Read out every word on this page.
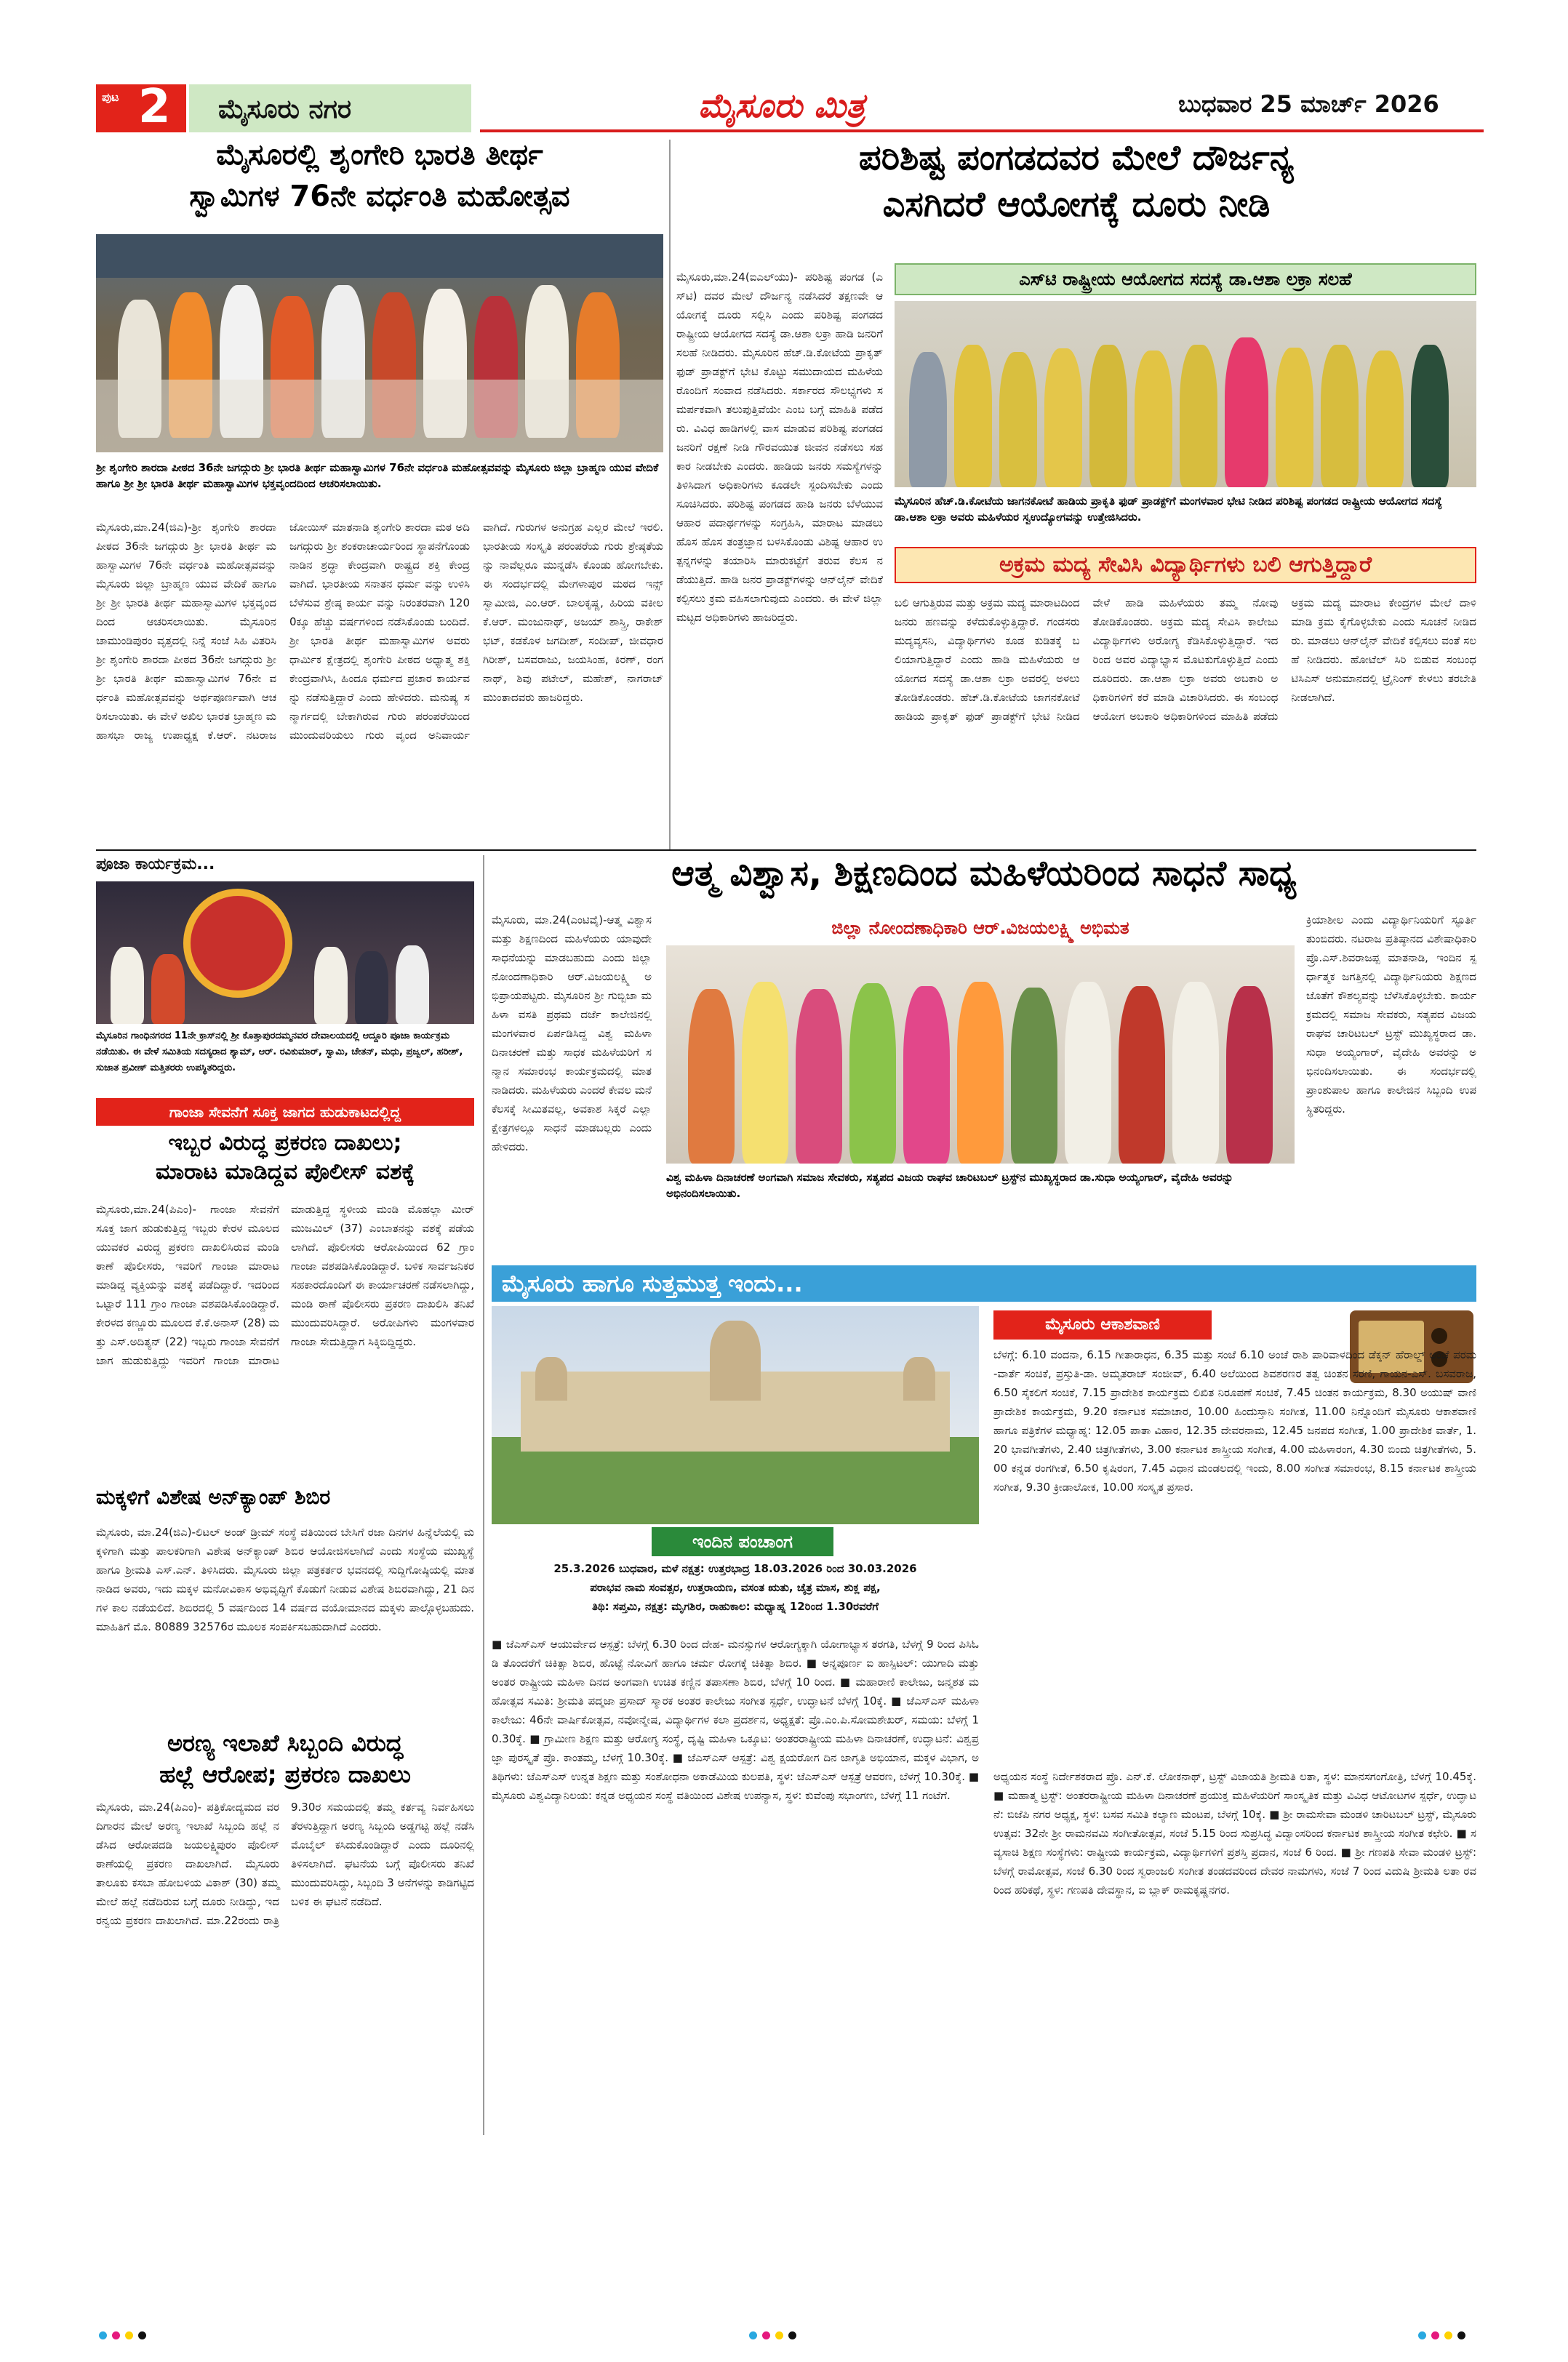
ಪುಟ 2 ಮೈಸೂರು ನಗರ	ಮೈಸೂರು ಮಿತ್ರ	ಬುಧವಾರ 25 ಮಾರ್ಚ್ 2026
ಮೈಸೂರಲ್ಲಿ ಶೃಂಗೇರಿ ಭಾರತಿ ತೀರ್ಥ
ಸ್ವಾಮಿಗಳ 76ನೇ ವರ್ಧಂತಿ ಮಹೋತ್ಸವ
ಶ್ರೀ ಶೃಂಗೇರಿ ಶಾರದಾ ಪೀಠದ 36ನೇ ಜಗದ್ಗುರು ಶ್ರೀ ಭಾರತಿ ತೀರ್ಥ ಮಹಾಸ್ವಾಮಿಗಳ 76ನೇ ವರ್ಧಂತಿ ಮಹೋತ್ಸವವನ್ನು ಮೈಸೂರು ಜಿಲ್ಲಾ ಬ್ರಾಹ್ಮಣ ಯುವ ವೇದಿಕೆ ಹಾಗೂ ಶ್ರೀ ಶ್ರೀ ಭಾರತಿ ತೀರ್ಥ ಮಹಾಸ್ವಾಮಿಗಳ ಭಕ್ತವೃಂದದಿಂದ ಆಚರಿಸಲಾಯಿತು.
ಮೈಸೂರು,ಮಾ.24(ಜಿಎ)-ಶ್ರೀ ಶೃಂಗೇರಿ ಶಾರದಾ ಪೀಠದ 36ನೇ ಜಗದ್ಗುರು ಶ್ರೀ ಭಾರತಿ ತೀರ್ಥ ಮಹಾಸ್ವಾಮಿಗಳ 76ನೇ ವರ್ಧಂತಿ ಮಹೋತ್ಸವವನ್ನು ಮೈಸೂರು ಜಿಲ್ಲಾ ಬ್ರಾಹ್ಮಣ ಯುವ ವೇದಿಕೆ ಹಾಗೂ ಶ್ರೀ ಶ್ರೀ ಭಾರತಿ ತೀರ್ಥ ಮಹಾಸ್ವಾಮಿಗಳ ಭಕ್ತವೃಂದದಿಂದ ಆಚರಿಸಲಾಯಿತು. ಮೈಸೂರಿನ ಚಾಮುಂಡಿಪುರಂ ವೃತ್ತದಲ್ಲಿ ನಿನ್ನೆ ಸಂಜೆ ಸಿಹಿ ವಿತರಿಸಿ ಶ್ರೀ ಶೃಂಗೇರಿ ಶಾರದಾ ಪೀಠದ 36ನೇ ಜಗದ್ಗುರು ಶ್ರೀ ಶ್ರೀ ಭಾರತಿ ತೀರ್ಥ ಮಹಾಸ್ವಾಮಿಗಳ 76ನೇ ವರ್ಧಂತಿ ಮಹೋತ್ಸವವನ್ನು ಅರ್ಥಪೂರ್ಣವಾಗಿ ಆಚರಿಸಲಾಯಿತು. ಈ ವೇಳೆ ಅಖಿಲ ಭಾರತ ಬ್ರಾಹ್ಮಣ ಮಹಾಸಭಾ ರಾಜ್ಯ ಉಪಾಧ್ಯಕ್ಷ ಕೆ.ಆರ್. ನಟರಾಜ ಜೋಯಿಸ್ ಮಾತನಾಡಿ ಶೃಂಗೇರಿ ಶಾರದಾ ಮಠ ಅದಿ ಜಗದ್ಗುರು ಶ್ರೀ ಶಂಕರಾಚಾರ್ಯರಿಂದ ಸ್ಥಾಪನೆಗೊಂಡು ನಾಡಿನ ಶ್ರದ್ಧಾ ಕೇಂದ್ರವಾಗಿ ರಾಷ್ಟ್ರದ ಶಕ್ತಿ ಕೇಂದ್ರವಾಗಿದೆ. ಭಾರತೀಯ ಸನಾತನ ಧರ್ಮ ವನ್ನು ಉಳಿಸಿ ಬೆಳೆಸುವ ಶ್ರೇಷ್ಠ ಕಾರ್ಯ ವನ್ನು ನಿರಂತರವಾಗಿ 1200ಕ್ಕೂ ಹೆಚ್ಚು ವರ್ಷಗಳಿಂದ ನಡೆಸಿಕೊಂಡು ಬಂದಿದೆ. ಶ್ರೀ ಭಾರತಿ ತೀರ್ಥ ಮಹಾಸ್ವಾಮಿಗಳ ಅವರು ಧಾರ್ಮಿಕ ಕ್ಷೇತ್ರದಲ್ಲಿ ಶೃಂಗೇರಿ ಪೀಠದ ಅಧ್ಯಾತ್ಮ ಶಕ್ತಿ ಕೇಂದ್ರವಾಗಿಸಿ, ಹಿಂದೂ ಧರ್ಮದ ಪ್ರಚಾರ ಕಾರ್ಯವನ್ನು ನಡೆಸುತ್ತಿದ್ದಾರೆ ಎಂದು ಹೇಳಿದರು. ಮನುಷ್ಯ ಸನ್ಮಾರ್ಗದಲ್ಲಿ ಬೇಕಾಗಿರುವ ಗುರು ಪರಂಪರೆಯಿಂದ ಮುಂದುವರಿಯಲು ಗುರು ವೃಂದ ಅನಿವಾರ್ಯವಾಗಿದೆ. ಗುರುಗಳ ಅನುಗ್ರಹ ಎಲ್ಲರ ಮೇಲೆ ಇರಲಿ. ಭಾರತೀಯ ಸಂಸ್ಕೃತಿ ಪರಂಪರೆಯ ಗುರು ಶ್ರೇಷ್ಠತೆಯನ್ನು ನಾವೆಲ್ಲರೂ ಮುನ್ನಡೆಸಿ ಕೊಂಡು ಹೋಗಬೇಕು. ಈ ಸಂದರ್ಭದಲ್ಲಿ ಮೇಗಳಾಪುರ ಮಠದ ಇನ್ಸ್ ಸ್ವಾಮೀಜಿ, ಎಂ.ಆರ್. ಬಾಲಕೃಷ್ಣ, ಹಿರಿಯ ವಕೀಲ ಕೆ.ಆರ್. ಮಂಜುನಾಥ್, ಅಜಯ್ ಶಾಸ್ತ್ರಿ, ರಾಕೇಶ್ ಭಟ್, ಕಡಕೊಳ ಜಗದೀಶ್, ಸಂದೀಪ್, ಜೀವಧಾರ ಗಿರೀಶ್, ಬಸವರಾಜು, ಜಯಸಿಂಹ, ಕಿರಣ್, ರಂಗನಾಥ್, ಶಿವು ಪಟೇಲ್, ಮಹೇಶ್, ನಾಗರಾಜ್ ಮುಂತಾದವರು ಹಾಜರಿದ್ದರು.
ಪರಿಶಿಷ್ಟ ಪಂಗಡದವರ ಮೇಲೆ ದೌರ್ಜನ್ಯ
ಎಸಗಿದರೆ ಆಯೋಗಕ್ಕೆ ದೂರು ನೀಡಿ
ಮೈಸೂರು,ಮಾ.24(ಐಎಲ್‌ಯು)- ಪರಿಶಿಷ್ಟ ಪಂಗಡ (ಎಸ್‌ಟಿ) ದವರ ಮೇಲೆ ದೌರ್ಜನ್ಯ ನಡೆಸಿದರೆ ತಕ್ಷಣವೇ ಆಯೋಗಕ್ಕೆ ದೂರು ಸಲ್ಲಿಸಿ ಎಂದು ಪರಿಶಿಷ್ಟ ಪಂಗಡದ ರಾಷ್ಟ್ರೀಯ ಆಯೋಗದ ಸದಸ್ಯೆ ಡಾ.ಆಶಾ ಲಕ್ರಾ ಹಾಡಿ ಜನರಿಗೆ ಸಲಹೆ ನೀಡಿದರು. ಮೈಸೂರಿನ ಹೆಚ್.ಡಿ.ಕೋಟೆಯ ಪ್ರಾಕೃತ್ ಫುಡ್ ಪ್ರಾಡಕ್ಟ್‌ಗೆ ಭೇಟಿ ಕೊಟ್ಟು ಸಮುದಾಯದ ಮಹಿಳೆಯರೊಂದಿಗೆ ಸಂವಾದ ನಡೆಸಿದರು. ಸರ್ಕಾರದ ಸೌಲಭ್ಯಗಳು ಸಮರ್ಪಕವಾಗಿ ತಲುಪುತ್ತಿವೆಯೇ ಎಂಬ ಬಗ್ಗೆ ಮಾಹಿತಿ ಪಡೆದರು. ವಿವಿಧ ಹಾಡಿಗಳಲ್ಲಿ ವಾಸ ಮಾಡುವ ಪರಿಶಿಷ್ಟ ಪಂಗಡದ ಜನರಿಗೆ ರಕ್ಷಣೆ ನೀಡಿ ಗೌರವಯುತ ಜೀವನ ನಡೆಸಲು ಸಹಕಾರ ನೀಡಬೇಕು ಎಂದರು. ಹಾಡಿಯ ಜನರು ಸಮಸ್ಯೆಗಳನ್ನು ತಿಳಿಸಿದಾಗ ಅಧಿಕಾರಿಗಳು ಕೂಡಲೇ ಸ್ಪಂದಿಸಬೇಕು ಎಂದು ಸೂಚಿಸಿದರು. ಪರಿಶಿಷ್ಟ ಪಂಗಡದ ಹಾಡಿ ಜನರು ಬೆಳೆಯುವ ಆಹಾರ ಪದಾರ್ಥಗಳನ್ನು ಸಂಗ್ರಹಿಸಿ, ಮಾರಾಟ ಮಾಡಲು ಹೊಸ ಹೊಸ ತಂತ್ರಜ್ಞಾನ ಬಳಸಿಕೊಂಡು ವಿಶಿಷ್ಟ ಆಹಾರ ಉತ್ಪನ್ನಗಳನ್ನು ತಯಾರಿಸಿ ಮಾರುಕಟ್ಟೆಗೆ ತರುವ ಕೆಲಸ ನಡೆಯುತ್ತಿದೆ. ಹಾಡಿ ಜನರ ಪ್ರಾಡಕ್ಟ್‌ಗಳನ್ನು ಆನ್‌ಲೈನ್ ವೇದಿಕೆ ಕಲ್ಪಿಸಲು ಕ್ರಮ ವಹಿಸಲಾಗುವುದು ಎಂದರು. ಈ ವೇಳೆ ಜಿಲ್ಲಾ ಮಟ್ಟದ ಅಧಿಕಾರಿಗಳು ಹಾಜರಿದ್ದರು.
ಎಸ್‌ಟಿ ರಾಷ್ಟ್ರೀಯ ಆಯೋಗದ ಸದಸ್ಯೆ ಡಾ.ಆಶಾ ಲಕ್ರಾ ಸಲಹೆ
ಮೈಸೂರಿನ ಹೆಚ್.ಡಿ.ಕೋಟೆಯ ಜಾಗನಕೋಟೆ ಹಾಡಿಯ ಪ್ರಾಕೃತಿ ಫುಡ್ ಪ್ರಾಡಕ್ಟ್‌ಗೆ ಮಂಗಳವಾರ ಭೇಟಿ ನೀಡಿದ ಪರಿಶಿಷ್ಟ ಪಂಗಡದ ರಾಷ್ಟ್ರೀಯ ಆಯೋಗದ ಸದಸ್ಯೆ ಡಾ.ಆಶಾ ಲಕ್ರಾ ಅವರು ಮಹಿಳೆಯರ ಸ್ವಉದ್ಯೋಗವನ್ನು ಉತ್ತೇಜಿಸಿದರು.
ಅಕ್ರಮ ಮದ್ಯ ಸೇವಿಸಿ ವಿದ್ಯಾರ್ಥಿಗಳು ಬಲಿ ಆಗುತ್ತಿದ್ದಾರೆ
ಬಲಿ ಆಗುತ್ತಿರುವ ಮತ್ತು ಅಕ್ರಮ ಮದ್ಯ ಮಾರಾಟದಿಂದ ಜನರು ಹಣವನ್ನು ಕಳೆದುಕೊಳ್ಳುತ್ತಿದ್ದಾರೆ. ಗಂಡಸರು ಮದ್ಯವ್ಯಸನಿ, ವಿದ್ಯಾರ್ಥಿಗಳು ಕೂಡ ಕುಡಿತಕ್ಕೆ ಬಲಿಯಾಗುತ್ತಿದ್ದಾರೆ ಎಂದು ಹಾಡಿ ಮಹಿಳೆಯರು ಆಯೋಗದ ಸದಸ್ಯೆ ಡಾ.ಆಶಾ ಲಕ್ರಾ ಅವರಲ್ಲಿ ಅಳಲು ತೋಡಿಕೊಂಡರು. ಹೆಚ್.ಡಿ.ಕೋಟೆಯ ಜಾಗನಕೋಟೆ ಹಾಡಿಯ ಪ್ರಾಕೃತ್ ಫುಡ್ ಪ್ರಾಡಕ್ಟ್‌ಗೆ ಭೇಟಿ ನೀಡಿದ ವೇಳೆ ಹಾಡಿ ಮಹಿಳೆಯರು ತಮ್ಮ ನೋವು ತೋಡಿಕೊಂಡರು. ಅಕ್ರಮ ಮದ್ಯ ಸೇವಿಸಿ ಕಾಲೇಜು ವಿದ್ಯಾರ್ಥಿಗಳು ಅರೋಗ್ಯ ಕೆಡಿಸಿಕೊಳ್ಳುತ್ತಿದ್ದಾರೆ. ಇದರಿಂದ ಅವರ ವಿದ್ಯಾಭ್ಯಾಸ ಮೊಟಕುಗೊಳ್ಳುತ್ತಿದೆ ಎಂದು ದೂರಿದರು. ಡಾ.ಆಶಾ ಲಕ್ರಾ ಅವರು ಅಬಕಾರಿ ಅಧಿಕಾರಿಗಳಿಗೆ ಕರೆ ಮಾಡಿ ವಿಚಾರಿಸಿದರು. ಈ ಸಂಬಂಧ ಆಯೋಗ ಅಬಕಾರಿ ಅಧಿಕಾರಿಗಳಿಂದ ಮಾಹಿತಿ ಪಡೆದು ಅಕ್ರಮ ಮದ್ಯ ಮಾರಾಟ ಕೇಂದ್ರಗಳ ಮೇಲೆ ದಾಳಿ ಮಾಡಿ ಕ್ರಮ ಕೈಗೊಳ್ಳಬೇಕು ಎಂದು ಸೂಚನೆ ನೀಡಿದರು. ಮಾಡಲು ಆನ್‌ಲೈನ್ ವೇದಿಕೆ ಕಲ್ಪಿಸಲು ವಂತೆ ಸಲಹೆ ನೀಡಿದರು. ಹೋಟೆಲ್ ಸಿರಿ ಬಿಡುವ ಸಂಬಂಧ ಟಿಸಿಎಸ್ ಅನುಮಾನದಲ್ಲಿ ಟ್ರೈನಿಂಗ್ ಕೇಳಲು ತರಬೇತಿ ನೀಡಲಾಗಿದೆ.
ಪೂಜಾ ಕಾರ್ಯಕ್ರಮ...
ಮೈಸೂರಿನ ಗಾಂಧಿನಗರದ 11ನೇ ಕ್ರಾಸ್‌ನಲ್ಲಿ ಶ್ರೀ ಕೊತ್ತಾಪುರದಮ್ಮನವರ ದೇವಾಲಯದಲ್ಲಿ ಆದ್ದೂರಿ ಪೂಜಾ ಕಾರ್ಯಕ್ರಮ ನಡೆಯಿತು. ಈ ವೇಳೆ ಸಮಿತಿಯ ಸದಸ್ಯರಾದ ಶ್ಯಾಮ್, ಆರ್. ರವಿಕುಮಾರ್, ಸ್ವಾಮಿ, ಚೇತನ್, ಮಧು, ಪ್ರಜ್ವಲ್, ಹರೀಶ್, ಸುಜಾತ ಪ್ರವೀಣ್ ಮತ್ತಿತರರು ಉಪಸ್ಥಿತರಿದ್ದರು.
ಗಾಂಜಾ ಸೇವನೆಗೆ ಸೂಕ್ತ ಜಾಗದ ಹುಡುಕಾಟದಲ್ಲಿದ್ದ
ಇಬ್ಬರ ವಿರುದ್ಧ ಪ್ರಕರಣ ದಾಖಲು;
ಮಾರಾಟ ಮಾಡಿದ್ದವ ಪೊಲೀಸ್ ವಶಕ್ಕೆ
ಮೈಸೂರು,ಮಾ.24(ಪಿಎಂ)- ಗಾಂಜಾ ಸೇವನೆಗೆ ಸೂಕ್ತ ಜಾಗ ಹುಡುಕುತ್ತಿದ್ದ ಇಬ್ಬರು ಕೇರಳ ಮೂಲದ ಯುವಕರ ವಿರುದ್ಧ ಪ್ರಕರಣ ದಾಖಲಿಸಿರುವ ಮಂಡಿ ಠಾಣೆ ಪೊಲೀಸರು, ಇವರಿಗೆ ಗಾಂಜಾ ಮಾರಾಟ ಮಾಡಿದ್ದ ವ್ಯಕ್ತಿಯನ್ನು ವಶಕ್ಕೆ ಪಡೆದಿದ್ದಾರೆ. ಇದರಿಂದ ಒಟ್ಟಾರೆ 111 ಗ್ರಾಂ ಗಾಂಜಾ ವಶಪಡಿಸಿಕೊಂಡಿದ್ದಾರೆ. ಕೇರಳದ ಕಣ್ಣೂರು ಮೂಲದ ಕೆ.ಕೆ.ಅನಾಸ್ (28) ಮತ್ತು ಎಸ್.ಅದಿತ್ಯನ್ (22) ಇಬ್ಬರು ಗಾಂಜಾ ಸೇವನೆಗೆ ಜಾಗ ಹುಡುಕುತ್ತಿದ್ದು ಇವರಿಗೆ ಗಾಂಜಾ ಮಾರಾಟ ಮಾಡುತ್ತಿದ್ದ ಸ್ಥಳೀಯ ಮಂಡಿ ಮೊಹಲ್ಲಾ ಮೀರ್ ಮುಜಮಿಲ್ (37) ಎಂಬಾತನನ್ನು ವಶಕ್ಕೆ ಪಡೆಯಲಾಗಿದೆ. ಪೊಲೀಸರು ಆರೋಪಿಯಿಂದ 62 ಗ್ರಾಂ ಗಾಂಜಾ ವಶಪಡಿಸಿಕೊಂಡಿದ್ದಾರೆ. ಬಳಿಕ ಸಾರ್ವಜನಿಕರ ಸಹಕಾರದೊಂದಿಗೆ ಈ ಕಾರ್ಯಾಚರಣೆ ನಡೆಸಲಾಗಿದ್ದು, ಮಂಡಿ ಠಾಣೆ ಪೊಲೀಸರು ಪ್ರಕರಣ ದಾಖಲಿಸಿ ತನಿಖೆ ಮುಂದುವರಿಸಿದ್ದಾರೆ. ಅರೋಪಿಗಳು ಮಂಗಳವಾರ ಗಾಂಜಾ ಸೇದುತ್ತಿದ್ದಾಗ ಸಿಕ್ಕಿಬಿದ್ದಿದ್ದರು.
ಮಕ್ಕಳಿಗೆ ವಿಶೇಷ ಅನ್‌ಕ್ಯಾಂಪ್ ಶಿಬಿರ
ಮೈಸೂರು, ಮಾ.24(ಜಿಎ)-ಲಿಟಲ್ ಅಂಡ್ ಡ್ರೀಮ್ ಸಂಸ್ಥೆ ವತಿಯಿಂದ ಬೇಸಿಗೆ ರಜಾ ದಿನಗಳ ಹಿನ್ನೆಲೆಯಲ್ಲಿ ಮಕ್ಕಳಿಗಾಗಿ ಮತ್ತು ಪಾಲಕರಿಗಾಗಿ ವಿಶೇಷ ಅನ್‌ಕ್ಯಾಂಪ್ ಶಿಬಿರ ಆಯೋಜಿಸಲಾಗಿದೆ ಎಂದು ಸಂಸ್ಥೆಯ ಮುಖ್ಯಸ್ಥೆ ಹಾಗೂ ಶ್ರೀಮತಿ ಎಸ್.ಎನ್. ತಿಳಿಸಿದರು. ಮೈಸೂರು ಜಿಲ್ಲಾ ಪತ್ರಕರ್ತರ ಭವನದಲ್ಲಿ ಸುದ್ದಿಗೋಷ್ಠಿಯಲ್ಲಿ ಮಾತನಾಡಿದ ಅವರು, ಇದು ಮಕ್ಕಳ ಮನೋವಿಕಾಸ ಅಭಿವೃದ್ಧಿಗೆ ಕೊಡುಗೆ ನೀಡುವ ವಿಶೇಷ ಶಿಬಿರವಾಗಿದ್ದು, 21 ದಿನಗಳ ಕಾಲ ನಡೆಯಲಿದೆ. ಶಿಬಿರದಲ್ಲಿ 5 ವರ್ಷದಿಂದ 14 ವರ್ಷದ ವಯೋಮಾನದ ಮಕ್ಕಳು ಪಾಲ್ಗೊಳ್ಳಬಹುದು. ಮಾಹಿತಿಗೆ ಮೊ. 80889 32576ರ ಮೂಲಕ ಸಂಪರ್ಕಿಸಬಹುದಾಗಿದೆ ಎಂದರು.
ಅರಣ್ಯ ಇಲಾಖೆ ಸಿಬ್ಬಂದಿ ವಿರುದ್ಧ
ಹಲ್ಲೆ ಆರೋಪ; ಪ್ರಕರಣ ದಾಖಲು
ಮೈಸೂರು, ಮಾ.24(ಪಿಎಂ)- ಪತ್ರಿಕೋದ್ಯಮದ ವರದಿಗಾರನ ಮೇಲೆ ಅರಣ್ಯ ಇಲಾಖೆ ಸಿಬ್ಬಂದಿ ಹಲ್ಲೆ ನಡೆಸಿದ ಆರೋಪದಡಿ ಜಯಲಕ್ಷ್ಮಿಪುರಂ ಪೊಲೀಸ್ ಠಾಣೆಯಲ್ಲಿ ಪ್ರಕರಣ ದಾಖಲಾಗಿದೆ. ಮೈಸೂರು ತಾಲೂಕು ಕಸಬಾ ಹೋಬಳಿಯ ವಿಕಾಶ್ (30) ತಮ್ಮ ಮೇಲೆ ಹಲ್ಲೆ ನಡೆದಿರುವ ಬಗ್ಗೆ ದೂರು ನೀಡಿದ್ದು, ಇದರನ್ವಯ ಪ್ರಕರಣ ದಾಖಲಾಗಿದೆ. ಮಾ.22ರಂದು ರಾತ್ರಿ 9.30ರ ಸಮಯದಲ್ಲಿ ತಮ್ಮ ಕರ್ತವ್ಯ ನಿರ್ವಹಿಸಲು ತೆರಳುತ್ತಿದ್ದಾಗ ಅರಣ್ಯ ಸಿಬ್ಬಂದಿ ಅಡ್ಡಗಟ್ಟಿ ಹಲ್ಲೆ ನಡೆಸಿ ಮೊಬೈಲ್ ಕಸಿದುಕೊಂಡಿದ್ದಾರೆ ಎಂದು ದೂರಿನಲ್ಲಿ ತಿಳಿಸಲಾಗಿದೆ. ಘಟನೆಯ ಬಗ್ಗೆ ಪೊಲೀಸರು ತನಿಖೆ ಮುಂದುವರಿಸಿದ್ದು, ಸಿಬ್ಬಂದಿ 3 ಆನೆಗಳನ್ನು ಕಾಡಿಗಟ್ಟಿದ ಬಳಿಕ ಈ ಘಟನೆ ನಡೆದಿದೆ.
ಆತ್ಮ ವಿಶ್ವಾಸ, ಶಿಕ್ಷಣದಿಂದ ಮಹಿಳೆಯರಿಂದ ಸಾಧನೆ ಸಾಧ್ಯ
ಮೈಸೂರು, ಮಾ.24(ಎಂಟಿವೈ)-ಆತ್ಮ ವಿಶ್ವಾಸ ಮತ್ತು ಶಿಕ್ಷಣದಿಂದ ಮಹಿಳೆಯರು ಯಾವುದೇ ಸಾಧನೆಯನ್ನು ಮಾಡಬಹುದು ಎಂದು ಜಿಲ್ಲಾ ನೋಂದಣಾಧಿಕಾರಿ ಆರ್.ವಿಜಯಲಕ್ಷ್ಮಿ ಅಭಿಪ್ರಾಯಪಟ್ಟರು. ಮೈಸೂರಿನ ಶ್ರೀ ಗುಬ್ಬಿಜಾ ಮಹಿಳಾ ವಸತಿ ಪ್ರಥಮ ದರ್ಜೆ ಕಾಲೇಜಿನಲ್ಲಿ ಮಂಗಳವಾರ ಏರ್ಪಡಿಸಿದ್ದ ವಿಶ್ವ ಮಹಿಳಾ ದಿನಾಚರಣೆ ಮತ್ತು ಸಾಧಕ ಮಹಿಳೆಯರಿಗೆ ಸನ್ಮಾನ ಸಮಾರಂಭ ಕಾರ್ಯಕ್ರಮದಲ್ಲಿ ಮಾತನಾಡಿದರು. ಮಹಿಳೆಯರು ಎಂದರೆ ಕೇವಲ ಮನೆ ಕೆಲಸಕ್ಕೆ ಸೀಮಿತವಲ್ಲ, ಅವಕಾಶ ಸಿಕ್ಕರೆ ಎಲ್ಲಾ ಕ್ಷೇತ್ರಗಳಲ್ಲೂ ಸಾಧನೆ ಮಾಡಬಲ್ಲರು ಎಂದು ಹೇಳಿದರು.
ಜಿಲ್ಲಾ ನೋಂದಣಾಧಿಕಾರಿ ಆರ್.ವಿಜಯಲಕ್ಷ್ಮಿ ಅಭಿಮತ
ವಿಶ್ವ ಮಹಿಳಾ ದಿನಾಚರಣೆ ಅಂಗವಾಗಿ ಸಮಾಜ ಸೇವಕರು, ಸತ್ಯಪದ ವಿಜಯ ರಾಘವ ಚಾರಿಟಬಲ್ ಟ್ರಸ್ಟ್‌ನ ಮುಖ್ಯಸ್ಥರಾದ ಡಾ.ಸುಧಾ ಅಯ್ಯಂಗಾರ್, ವೈದೇಹಿ ಅವರನ್ನು ಅಭಿನಂದಿಸಲಾಯಿತು.
ಕ್ರಿಯಾಶೀಲ ಎಂದು ವಿದ್ಯಾರ್ಥಿನಿಯರಿಗೆ ಸ್ಫೂರ್ತಿ ತುಂಬಿದರು. ನಟರಾಜ ಪ್ರತಿಷ್ಠಾನದ ವಿಶೇಷಾಧಿಕಾರಿ ಪ್ರೊ.ಎಸ್.ಶಿವರಾಜಪ್ಪ ಮಾತನಾಡಿ, ಇಂದಿನ ಸ್ಪರ್ಧಾತ್ಮಕ ಜಗತ್ತಿನಲ್ಲಿ ವಿದ್ಯಾರ್ಥಿನಿಯರು ಶಿಕ್ಷಣದ ಜೊತೆಗೆ ಕೌಶಲ್ಯವನ್ನು ಬೆಳೆಸಿಕೊಳ್ಳಬೇಕು. ಕಾರ್ಯಕ್ರಮದಲ್ಲಿ ಸಮಾಜ ಸೇವಕರು, ಸತ್ಯಪದ ವಿಜಯ ರಾಘವ ಚಾರಿಟಬಲ್ ಟ್ರಸ್ಟ್ ಮುಖ್ಯಸ್ಥರಾದ ಡಾ.ಸುಧಾ ಅಯ್ಯಂಗಾರ್, ವೈದೇಹಿ ಅವರನ್ನು ಅಭಿನಂದಿಸಲಾಯಿತು. ಈ ಸಂದರ್ಭದಲ್ಲಿ ಪ್ರಾಂಶುಪಾಲ ಹಾಗೂ ಕಾಲೇಜಿನ ಸಿಬ್ಬಂದಿ ಉಪಸ್ಥಿತರಿದ್ದರು.
ಮೈಸೂರು ಹಾಗೂ ಸುತ್ತಮುತ್ತ ಇಂದು...
ಇಂದಿನ ಪಂಚಾಂಗ
25.3.2026 ಬುಧವಾರ, ಮಳೆ ನಕ್ಷತ್ರ: ಉತ್ತರಭಾದ್ರ 18.03.2026 ರಿಂದ 30.03.2026
ಪರಾಭವ ನಾಮ ಸಂವತ್ಸರ, ಉತ್ತರಾಯಣ, ವಸಂತ ಋತು, ಚೈತ್ರ ಮಾಸ, ಶುಕ್ಲ ಪಕ್ಷ,
ತಿಥಿ: ಸಪ್ತಮಿ, ನಕ್ಷತ್ರ: ಮೃಗಶಿರ, ರಾಹುಕಾಲ: ಮಧ್ಯಾಹ್ನ 12ರಿಂದ 1.30ರವರೆಗೆ
■ ಜೆಎಸ್‌ಎಸ್ ಆಯುರ್ವೇದ ಆಸ್ಪತ್ರೆ: ಬೆಳಗ್ಗೆ 6.30 ರಿಂದ ದೇಹ- ಮನಸ್ಸುಗಳ ಆರೋಗ್ಯಕ್ಕಾಗಿ ಯೋಗಾಭ್ಯಾಸ ತರಗತಿ, ಬೆಳಗ್ಗೆ 9 ರಿಂದ ಪಿಸಿಓಡಿ ತೊಂದರೆಗೆ ಚಿಕಿತ್ಸಾ ಶಿಬಿರ, ಹೊಟ್ಟೆ ನೋವಿಗೆ ಹಾಗೂ ಚರ್ಮ ರೋಗಕ್ಕೆ ಚಿಕಿತ್ಸಾ ಶಿಬಿರ. ■ ಅನ್ನಪೂರ್ಣ ಐ ಹಾಸ್ಪಿಟಲ್: ಯುಗಾದಿ ಮತ್ತು ಅಂತರ ರಾಷ್ಟ್ರೀಯ ಮಹಿಳಾ ದಿನದ ಅಂಗವಾಗಿ ಉಚಿತ ಕಣ್ಣಿನ ತಪಾಸಣಾ ಶಿಬಿರ, ಬೆಳಗ್ಗೆ 10 ರಿಂದ. ■ ಮಹಾರಾಣಿ ಕಾಲೇಜು, ಜನ್ಮಶತ ಮಹೋತ್ಸವ ಸಮಿತಿ: ಶ್ರೀಮತಿ ಪದ್ಮಜಾ ಪ್ರಸಾದ್ ಸ್ಮಾರಕ ಅಂತರ ಕಾಲೇಜು ಸಂಗೀತ ಸ್ಪರ್ಧೆ, ಉದ್ಘಾಟನೆ ಬೆಳಗ್ಗೆ 10ಕ್ಕೆ. ■ ಜೆಎಸ್‌ಎಸ್ ಮಹಿಳಾ ಕಾಲೇಜು: 46ನೇ ವಾರ್ಷಿಕೋತ್ಸವ, ನವೋನ್ಮೇಷ, ವಿದ್ಯಾರ್ಥಿಗಳ ಕಲಾ ಪ್ರದರ್ಶನ, ಅಧ್ಯಕ್ಷತೆ: ಪ್ರೊ.ಎಂ.ಪಿ.ಸೋಮಶೇಖರ್, ಸಮಯ: ಬೆಳಗ್ಗೆ 10.30ಕ್ಕೆ. ■ ಗ್ರಾಮೀಣ ಶಿಕ್ಷಣ ಮತ್ತು ಆರೋಗ್ಯ ಸಂಸ್ಥೆ, ದೃಷ್ಟಿ ಮಹಿಳಾ ಒಕ್ಕೂಟ: ಅಂತರರಾಷ್ಟ್ರೀಯ ಮಹಿಳಾ ದಿನಾಚರಣೆ, ಉದ್ಘಾಟನೆ: ವಿಶ್ವಪ್ರಜ್ಞಾ ಪುರಸ್ಕೃತೆ ಪ್ರೊ. ಕಾಂತಮ್ಮ, ಬೆಳಗ್ಗೆ 10.30ಕ್ಕೆ. ■ ಜೆಎಸ್‌ಎಸ್ ಆಸ್ಪತ್ರೆ: ವಿಶ್ವ ಕ್ಷಯರೋಗ ದಿನ ಜಾಗೃತಿ ಅಭಿಯಾನ, ಮಕ್ಕಳ ವಿಭಾಗ, ಅತಿಥಿಗಳು: ಜೆಎಸ್‌ಎಸ್ ಉನ್ನತ ಶಿಕ್ಷಣ ಮತ್ತು ಸಂಶೋಧನಾ ಅಕಾಡೆಮಿಯ ಕುಲಪತಿ, ಸ್ಥಳ: ಜೆಎಸ್‌ಎಸ್ ಆಸ್ಪತ್ರೆ ಆವರಣ, ಬೆಳಗ್ಗೆ 10.30ಕ್ಕೆ. ■ ಮೈಸೂರು ವಿಶ್ವವಿದ್ಯಾನಿಲಯ: ಕನ್ನಡ ಅಧ್ಯಯನ ಸಂಸ್ಥೆ ವತಿಯಿಂದ ವಿಶೇಷ ಉಪನ್ಯಾಸ, ಸ್ಥಳ: ಕುವೆಂಪು ಸಭಾಂಗಣ, ಬೆಳಗ್ಗೆ 11 ಗಂಟೆಗೆ.
ಮೈಸೂರು ಆಕಾಶವಾಣಿ
ಬೆಳಗ್ಗೆ: 6.10 ವಂದನಾ, 6.15 ಗೀತಾರಾಧನ, 6.35 ಮತ್ತು ಸಂಜೆ 6.10 ಅಂಚೆ ರಾಶಿ ಪಾರಿವಾಳದಿಂದ ಡೆಕ್ಕನ್ ಹೆರಾಲ್ಡ್ ಅಂಚೆ ಪರಮ -ವಾರ್ತೆ ಸಂಚಿಕೆ, ಪ್ರಸ್ತುತಿ-ಡಾ. ಅಮೃತರಾಜ್ ಸಂಜೀವ್, 6.40 ಅಲೆಯಿಂದ ಶಿವಶರಣರ ತತ್ವ ಚಿಂತನ ಸರಣಿ, ಗಾಯನ-ಎಸ್. ಬಸವರಾಜ, 6.50 ಸೈಕಲಿಗೆ ಸಂಚಿಕೆ, 7.15 ಪ್ರಾದೇಶಿಕ ಕಾರ್ಯಕ್ರಮ ಲಿಖಿತ ನಿರೂಪಣೆ ಸಂಚಿಕೆ, 7.45 ಚಿಂತನ ಕಾರ್ಯಕ್ರಮ, 8.30 ಅಯುಷ್ ವಾಣಿ ಪ್ರಾದೇಶಿಕ ಕಾರ್ಯಕ್ರಮ, 9.20 ಕರ್ನಾಟಕ ಸಮಾಚಾರ, 10.00 ಹಿಂದುಸ್ತಾನಿ ಸಂಗೀತ, 11.00 ನಿನ್ನೊಂದಿಗೆ ಮೈಸೂರು ಆಕಾಶವಾಣಿ ಹಾಗೂ ಪತ್ರಿಕೆಗಳ ಮಧ್ಯಾಹ್ನ: 12.05 ಪಾತಾ ವಿಹಾರ, 12.35 ದೇವರನಾಮ, 12.45 ಜನಪದ ಸಂಗೀತ, 1.00 ಪ್ರಾದೇಶಿಕ ವಾರ್ತೆ, 1.20 ಭಾವಗೀತೆಗಳು, 2.40 ಚಿತ್ರಗೀತೆಗಳು, 3.00 ಕರ್ನಾಟಕ ಶಾಸ್ತ್ರೀಯ ಸಂಗೀತ, 4.00 ಮಹಿಳಾರಂಗ, 4.30 ಬಿಂದು ಚಿತ್ರಗೀತೆಗಳು, 5.00 ಕನ್ನಡ ರಂಗಗೀತೆ, 6.50 ಕೃಷಿರಂಗ, 7.45 ವಿಧಾನ ಮಂಡಲದಲ್ಲಿ ಇಂದು, 8.00 ಸಂಗೀತ ಸಮಾರಂಭ, 8.15 ಕರ್ನಾಟಕ ಶಾಸ್ತ್ರೀಯ ಸಂಗೀತ, 9.30 ಕ್ರೀಡಾಲೋಕ, 10.00 ಸಂಸ್ಕೃತ ಪ್ರಸಾರ.
ಅಧ್ಯಯನ ಸಂಸ್ಥೆ ನಿರ್ದೇಶಕರಾದ ಪ್ರೊ. ಎನ್.ಕೆ. ಲೋಕನಾಥ್, ಟ್ರಸ್ಟ್ ವಿಜಾಯತಿ ಶ್ರೀಮತಿ ಲತಾ, ಸ್ಥಳ: ಮಾನಸಗಂಗೋತ್ರಿ, ಬೆಳಗ್ಗೆ 10.45ಕ್ಕೆ. ■ ಮಹಾತ್ಮ ಟ್ರಸ್ಟ್: ಅಂತರರಾಷ್ಟ್ರೀಯ ಮಹಿಳಾ ದಿನಾಚರಣೆ ಪ್ರಯುಕ್ತ ಮಹಿಳೆಯರಿಗೆ ಸಾಂಸ್ಕೃತಿಕ ಮತ್ತು ವಿವಿಧ ಆಟೋಟಗಳ ಸ್ಪರ್ಧೆ, ಉದ್ಘಾಟನೆ: ಬಿಜೆಪಿ ನಗರ ಅಧ್ಯಕ್ಷ, ಸ್ಥಳ: ಬಸವ ಸಮಿತಿ ಕಲ್ಯಾಣ ಮಂಟಪ, ಬೆಳಗ್ಗೆ 10ಕ್ಕೆ. ■ ಶ್ರೀ ರಾಮಸೇವಾ ಮಂಡಳಿ ಚಾರಿಟಬಲ್ ಟ್ರಸ್ಟ್, ಮೈಸೂರು ಉತ್ಸವ: 32ನೇ ಶ್ರೀ ರಾಮನವಮಿ ಸಂಗೀತೋತ್ಸವ, ಸಂಜೆ 5.15 ರಿಂದ ಸುಪ್ರಸಿದ್ಧ ವಿದ್ವಾಂಸರಿಂದ ಕರ್ನಾಟಕ ಶಾಸ್ತ್ರೀಯ ಸಂಗೀತ ಕಛೇರಿ. ■ ಸವ್ಯಸಾಚಿ ಶಿಕ್ಷಣ ಸಂಸ್ಥೆಗಳು: ರಾಷ್ಟ್ರೀಯ ಕಾರ್ಯಕ್ರಮ, ವಿದ್ಯಾರ್ಥಿಗಳಿಗೆ ಪ್ರಶಸ್ತಿ ಪ್ರದಾನ, ಸಂಜೆ 6 ರಿಂದ. ■ ಶ್ರೀ ಗಣಪತಿ ಸೇವಾ ಮಂಡಳಿ ಟ್ರಸ್ಟ್: ಬೆಳಗ್ಗೆ ರಾಮೋತ್ಸವ, ಸಂಜೆ 6.30 ರಿಂದ ಸ್ವರಾಂಜಲಿ ಸಂಗೀತ ತಂಡದವರಿಂದ ದೇವರ ನಾಮಗಳು, ಸಂಜೆ 7 ರಿಂದ ವಿದುಷಿ ಶ್ರೀಮತಿ ಲತಾ ರವರಿಂದ ಹರಿಕಥೆ, ಸ್ಥಳ: ಗಣಪತಿ ದೇವಸ್ಥಾನ, ಐ ಬ್ಲಾಕ್ ರಾಮಕೃಷ್ಣನಗರ.
